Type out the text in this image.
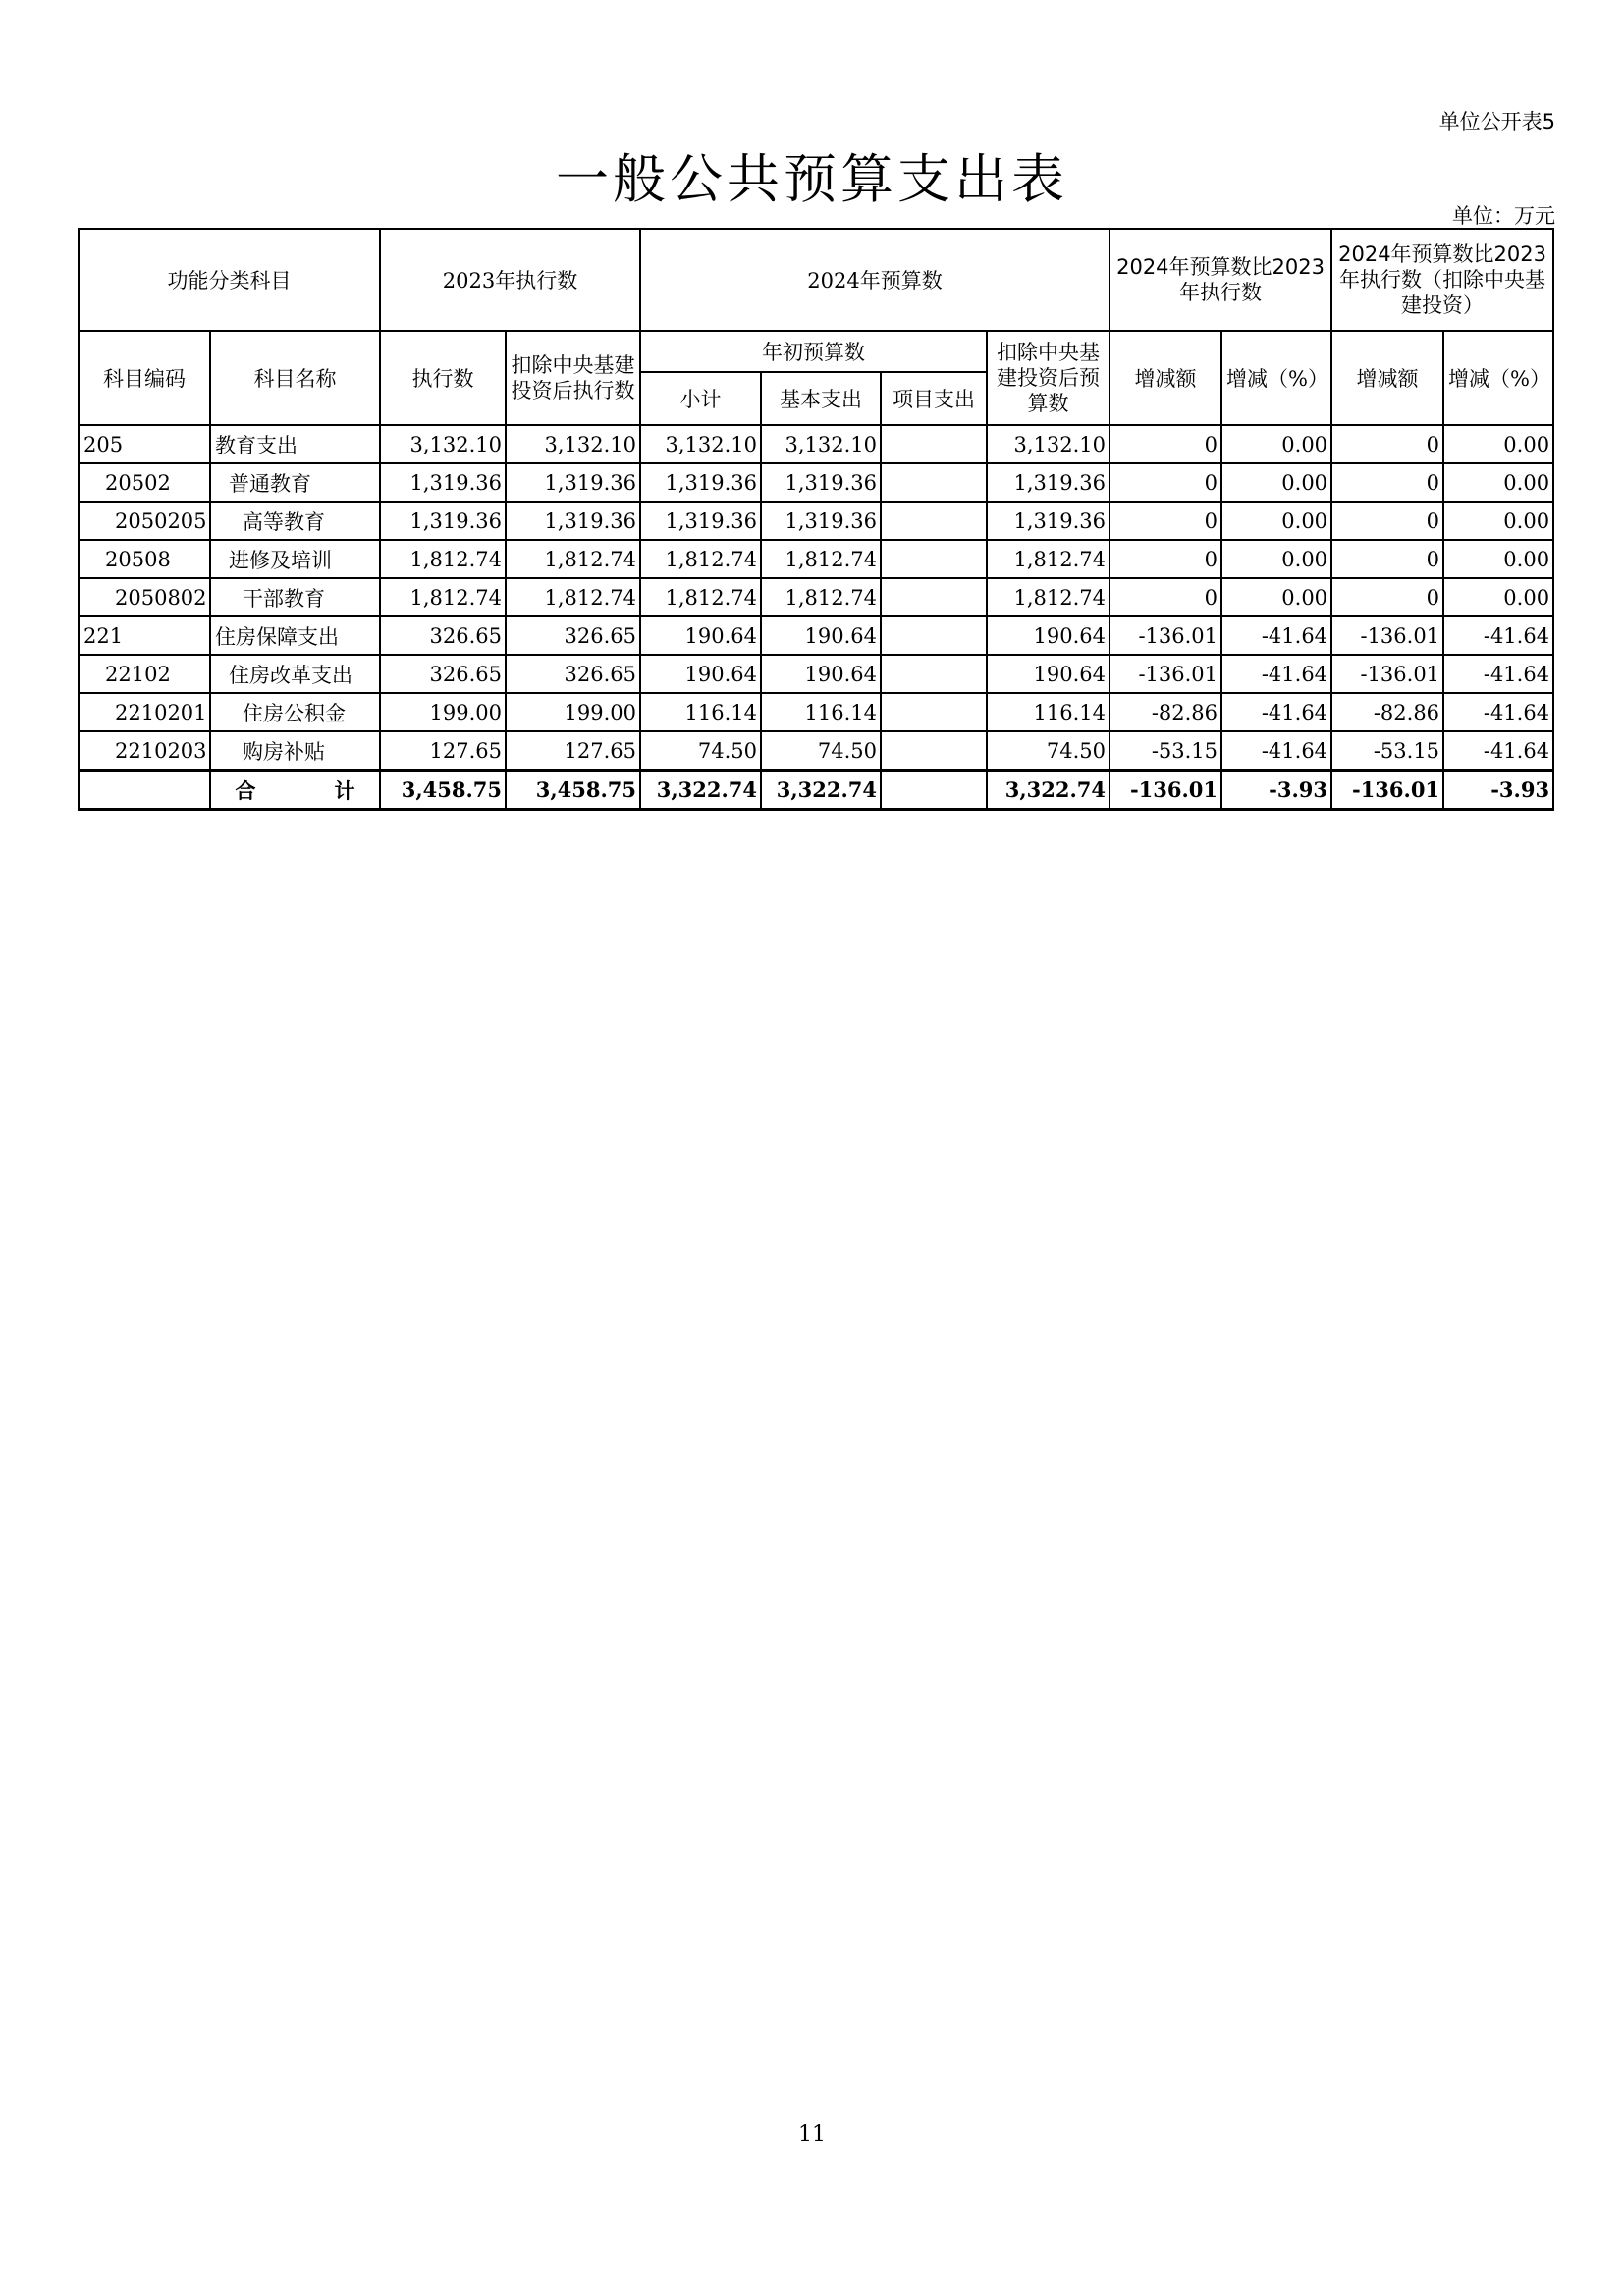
单位公开表5
一般公共预算支出表
单位：万元
功能分类科目		2023年执行数		2024年预算数				2024年预算数比2023年执行数		2024年预算数比2023年执行数（扣除中央基建投资）	
科目编码	科目名称	执行数	扣除中央基建投资后执行数	年初预算数			扣除中央基建投资后预算数	增减额	增减（%）	增减额	增减（%）
				小计	基本支出	项目支出					
205	教育支出	3,132.10	3,132.10	3,132.10	3,132.10		3,132.10	0	0.00	0	0.00
20502	普通教育	1,319.36	1,319.36	1,319.36	1,319.36		1,319.36	0	0.00	0	0.00
2050205	高等教育	1,319.36	1,319.36	1,319.36	1,319.36		1,319.36	0	0.00	0	0.00
20508	进修及培训	1,812.74	1,812.74	1,812.74	1,812.74		1,812.74	0	0.00	0	0.00
2050802	干部教育	1,812.74	1,812.74	1,812.74	1,812.74		1,812.74	0	0.00	0	0.00
221	住房保障支出	326.65	326.65	190.64	190.64		190.64	-136.01	-41.64	-136.01	-41.64
22102	住房改革支出	326.65	326.65	190.64	190.64		190.64	-136.01	-41.64	-136.01	-41.64
2210201	住房公积金	199.00	199.00	116.14	116.14		116.14	-82.86	-41.64	-82.86	-41.64
2210203	购房补贴	127.65	127.65	74.50	74.50		74.50	-53.15	-41.64	-53.15	-41.64
	合 计	3,458.75	3,458.75	3,322.74	3,322.74		3,322.74	-136.01	-3.93	-136.01	-3.93
11
